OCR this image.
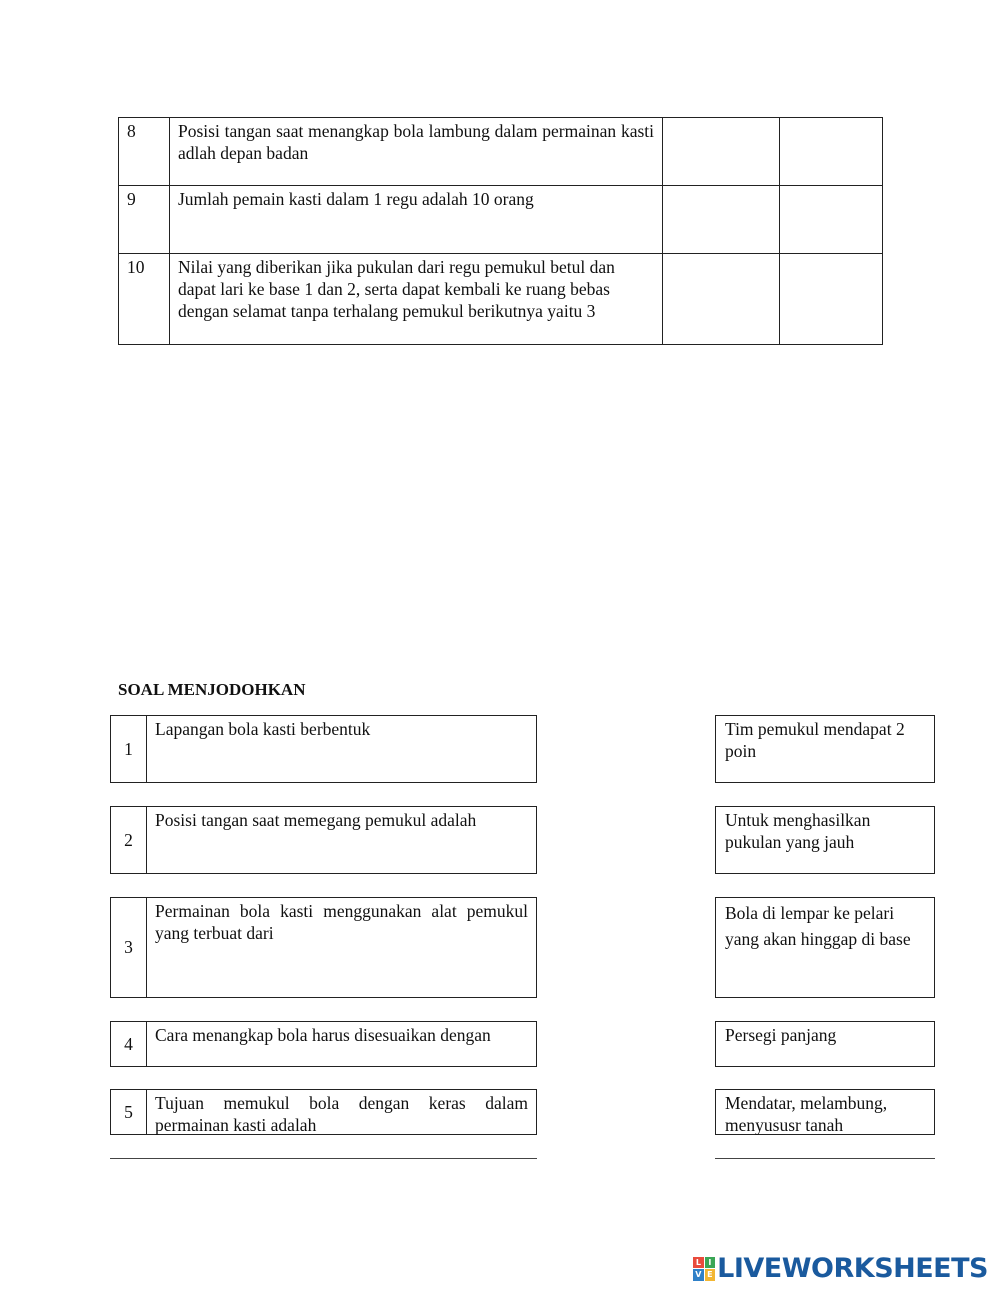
8	Posisi tangan saat menangkap bola lambung dalam permainan kasti adlah depan badan		
9	Jumlah pemain kasti dalam 1 regu adalah 10 orang		
10	Nilai yang diberikan jika pukulan dari regu pemukul betul dan dapat lari ke base 1 dan 2, serta dapat kembali ke ruang bebas dengan selamat tanpa terhalang pemukul berikutnya yaitu 3		
SOAL MENJODOHKAN
1
Lapangan bola kasti berbentuk
2
Posisi tangan saat memegang pemukul adalah
3
Permainan bola kasti menggunakan alat pemukul yang terbuat dari
4	Cara menangkap bola harus disesuaikan dengan
5	Tujuan memukul bola dengan keras dalam permainan kasti adalah
Tim pemukul mendapat 2 poin
Untuk menghasilkan pukulan yang jauh
Bola di lempar ke pelari yang akan hinggap di base
Persegi panjang
Mendatar, melambung, menyususr tanah
L I
V E LIVEWORKSHEETS
